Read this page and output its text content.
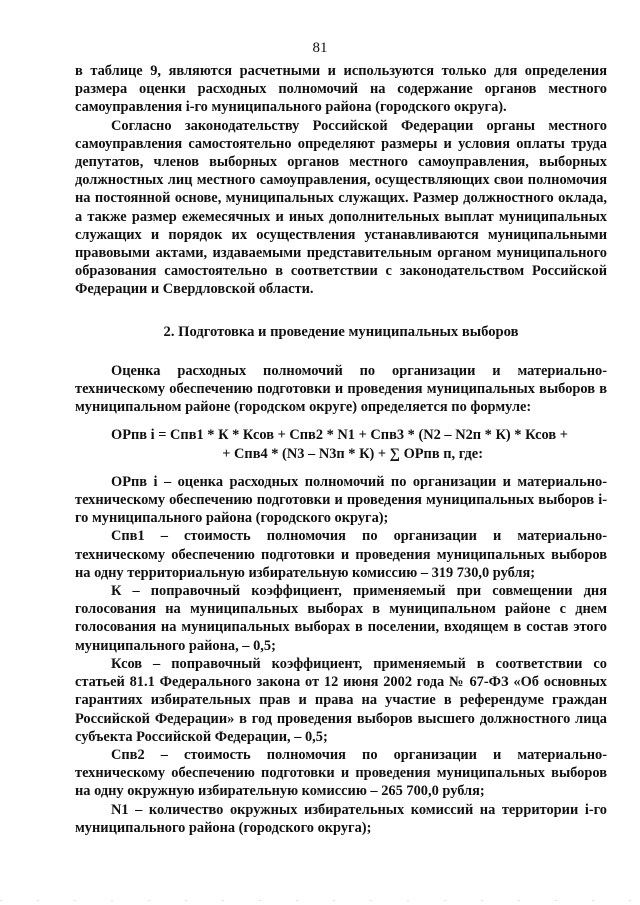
81

в таблице 9, являются расчетными и используются только для определения размера оценки расходных полномочий на содержание органов местного самоуправления i-го муниципального района (городского округа).

Согласно законодательству Российской Федерации органы местного самоуправления самостоятельно определяют размеры и условия оплаты труда депутатов, членов выборных органов местного самоуправления, выборных должностных лиц местного самоуправления, осуществляющих свои полномочия на постоянной основе, муниципальных служащих. Размер должностного оклада, а также размер ежемесячных и иных дополнительных выплат муниципальных служащих и порядок их осуществления устанавливаются муниципальными правовыми актами, издаваемыми представительным органом муниципального образования самостоятельно в соответствии с законодательством Российской Федерации и Свердловской области.

2. Подготовка и проведение муниципальных выборов

Оценка расходных полномочий по организации и материально-техническому обеспечению подготовки и проведения муниципальных выборов в муниципальном районе (городском округе) определяется по формуле:

ОРпв i = Спв1 * К * Ксов + Спв2 * N1 + Спв3 * (N2 – N2п * К) * Ксов +
+ Спв4 * (N3 – N3п * К) + ∑ ОРпв п, где:

ОРпв i – оценка расходных полномочий по организации и материально-техническому обеспечению подготовки и проведения муниципальных выборов i-го муниципального района (городского округа);

Спв1 – стоимость полномочия по организации и материально-техническому обеспечению подготовки и проведения муниципальных выборов на одну территориальную избирательную комиссию – 319 730,0 рубля;

К – поправочный коэффициент, применяемый при совмещении дня голосования на муниципальных выборах в муниципальном районе с днем голосования на муниципальных выборах в поселении, входящем в состав этого муниципального района, – 0,5;

Ксов – поправочный коэффициент, применяемый в соответствии со статьей 81.1 Федерального закона от 12 июня 2002 года № 67-ФЗ «Об основных гарантиях избирательных прав и права на участие в референдуме граждан Российской Федерации» в год проведения выборов высшего должностного лица субъекта Российской Федерации, – 0,5;

Спв2 – стоимость полномочия по организации и материально-техническому обеспечению подготовки и проведения муниципальных выборов на одну окружную избирательную комиссию – 265 700,0 рубля;

N1 – количество окружных избирательных комиссий на территории i-го муниципального района (городского округа);
